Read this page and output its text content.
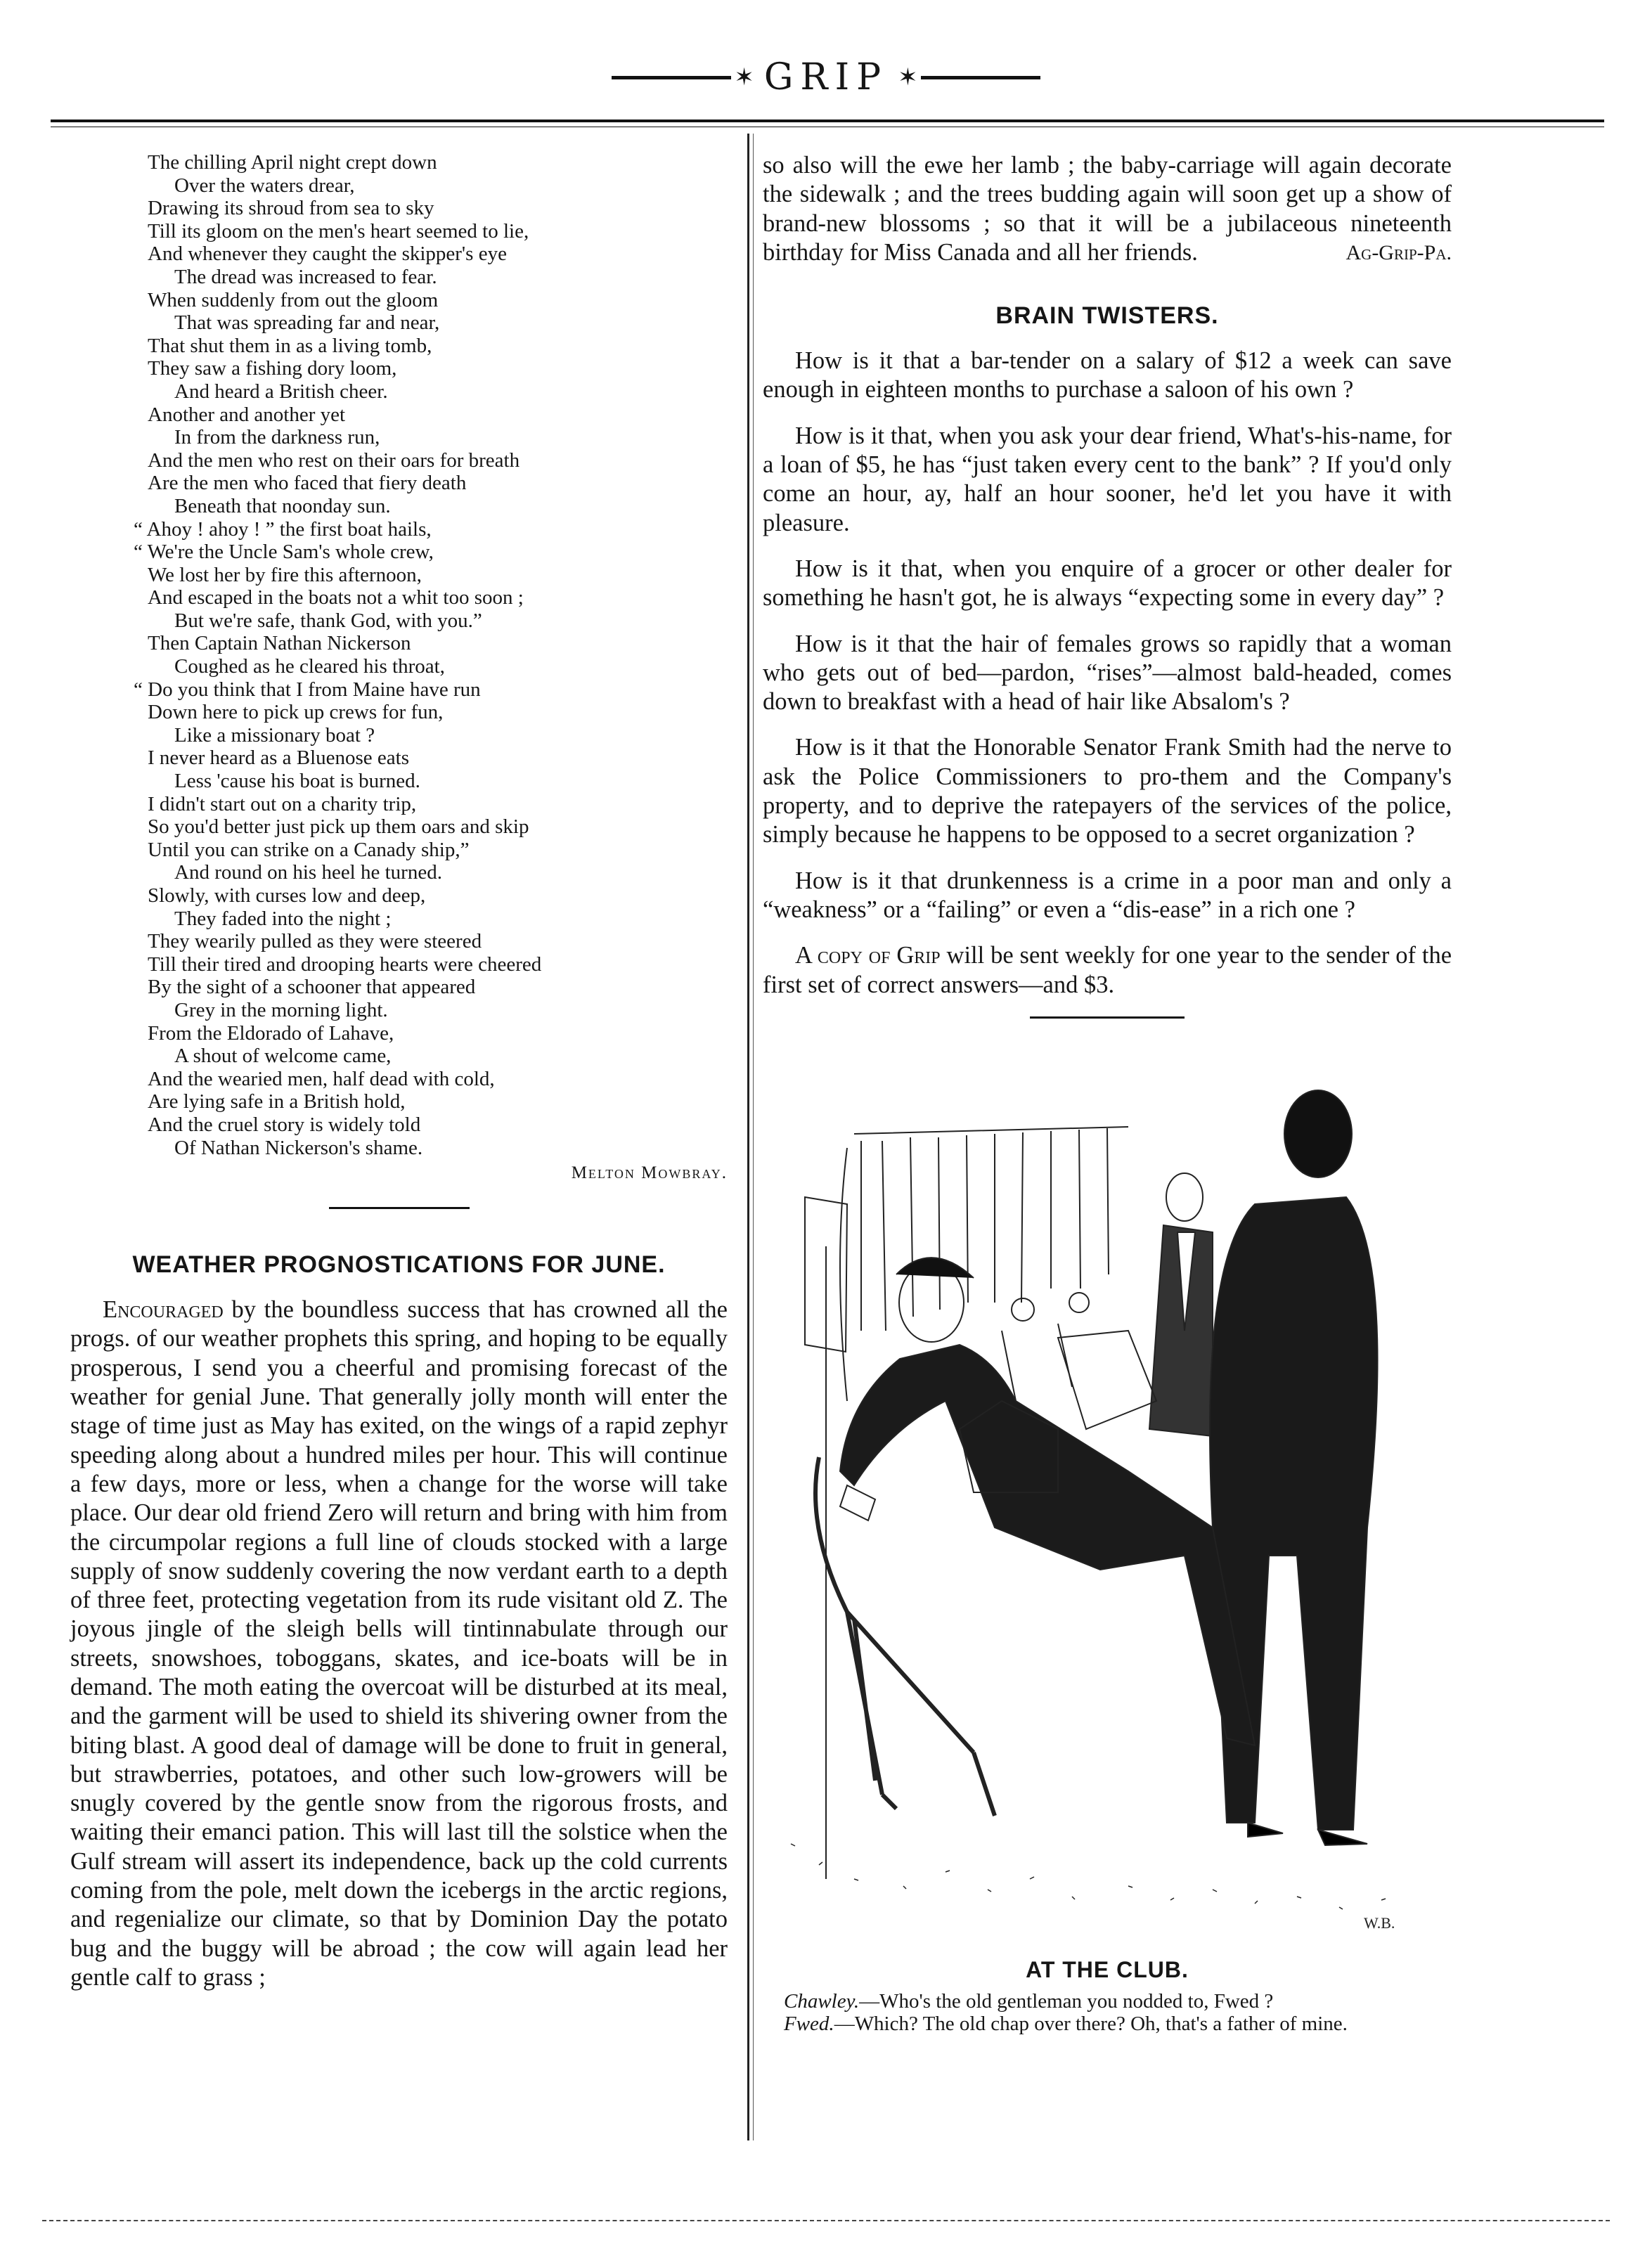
✶ GRIP ✶
The chilling April night crept down
Over the waters drear,
Drawing its shroud from sea to sky
Till its gloom on the men's heart seemed to lie,
And whenever they caught the skipper's eye
The dread was increased to fear.
When suddenly from out the gloom
That was spreading far and near,
That shut them in as a living tomb,
They saw a fishing dory loom,
And heard a British cheer.
Another and another yet
In from the darkness run,
And the men who rest on their oars for breath
Are the men who faced that fiery death
Beneath that noonday sun.
“ Ahoy ! ahoy ! ” the first boat hails,
“ We're the Uncle Sam's whole crew,
We lost her by fire this afternoon,
And escaped in the boats not a whit too soon ;
But we're safe, thank God, with you.”
Then Captain Nathan Nickerson
Coughed as he cleared his throat,
“ Do you think that I from Maine have run
Down here to pick up crews for fun,
Like a missionary boat ?
I never heard as a Bluenose eats
Less 'cause his boat is burned.
I didn't start out on a charity trip,
So you'd better just pick up them oars and skip
Until you can strike on a Canady ship,”
And round on his heel he turned.
Slowly, with curses low and deep,
They faded into the night ;
They wearily pulled as they were steered
Till their tired and drooping hearts were cheered
By the sight of a schooner that appeared
Grey in the morning light.
From the Eldorado of Lahave,
A shout of welcome came,
And the wearied men, half dead with cold,
Are lying safe in a British hold,
And the cruel story is widely told
Of Nathan Nickerson's shame.
Melton Mowbray.
WEATHER PROGNOSTICATIONS FOR JUNE.

Encouraged by the boundless success that has crowned all the progs. of our weather prophets this spring, and hoping to be equally prosperous, I send you a cheerful and promising forecast of the weather for genial June. That generally jolly month will enter the stage of time just as May has exited, on the wings of a rapid zephyr speeding along about a hundred miles per hour. This will continue a few days, more or less, when a change for the worse will take place. Our dear old friend Zero will return and bring with him from the circumpolar regions a full line of clouds stocked with a large supply of snow suddenly covering the now verdant earth to a depth of three feet, protecting vegetation from its rude visitant old Z. The joyous jingle of the sleigh bells will tintinnabulate through our streets, snowshoes, toboggans, skates, and ice-boats will be in demand. The moth eating the overcoat will be disturbed at its meal, and the garment will be used to shield its shivering owner from the biting blast. A good deal of damage will be done to fruit in general, but strawberries, potatoes, and other such low-growers will be snugly covered by the gentle snow from the rigorous frosts, and waiting their emanci pation. This will last till the solstice when the Gulf stream will assert its independence, back up the cold currents coming from the pole, melt down the icebergs in the arctic regions, and regenialize our climate, so that by Dominion Day the potato bug and the buggy will be abroad ; the cow will again lead her gentle calf to grass ;

so also will the ewe her lamb ; the baby-carriage will again decorate the sidewalk ; and the trees budding again will soon get up a show of brand-new blossoms ; so that it will be a jubilaceous nineteenth birthday for Miss Canada and all her friends.	Ag-Grip-Pa.

BRAIN TWISTERS.

How is it that a bar-tender on a salary of $12 a week can save enough in eighteen months to purchase a saloon of his own ?

How is it that, when you ask your dear friend, What's-his-name, for a loan of $5, he has “just taken every cent to the bank” ? If you'd only come an hour, ay, half an hour sooner, he'd let you have it with pleasure.

How is it that, when you enquire of a grocer or other dealer for something he hasn't got, he is always “expecting some in every day” ?

How is it that the hair of females grows so rapidly that a woman who gets out of bed—pardon, “rises”—almost bald-headed, comes down to breakfast with a head of hair like Absalom's ?

How is it that the Honorable Senator Frank Smith had the nerve to ask the Police Commissioners to pro-them and the Company's property, and to deprive the ratepayers of the services of the police, simply because he happens to be opposed to a secret organization ?

How is it that drunkenness is a crime in a poor man and only a “weakness” or a “failing” or even a “dis-ease” in a rich one ?

A copy of Grip will be sent weekly for one year to the sender of the first set of correct answers—and $3.

W.B.
AT THE CLUB.

Chawley.—Who's the old gentleman you nodded to, Fwed ?

Fwed.—Which? The old chap over there? Oh, that's a father of mine.
